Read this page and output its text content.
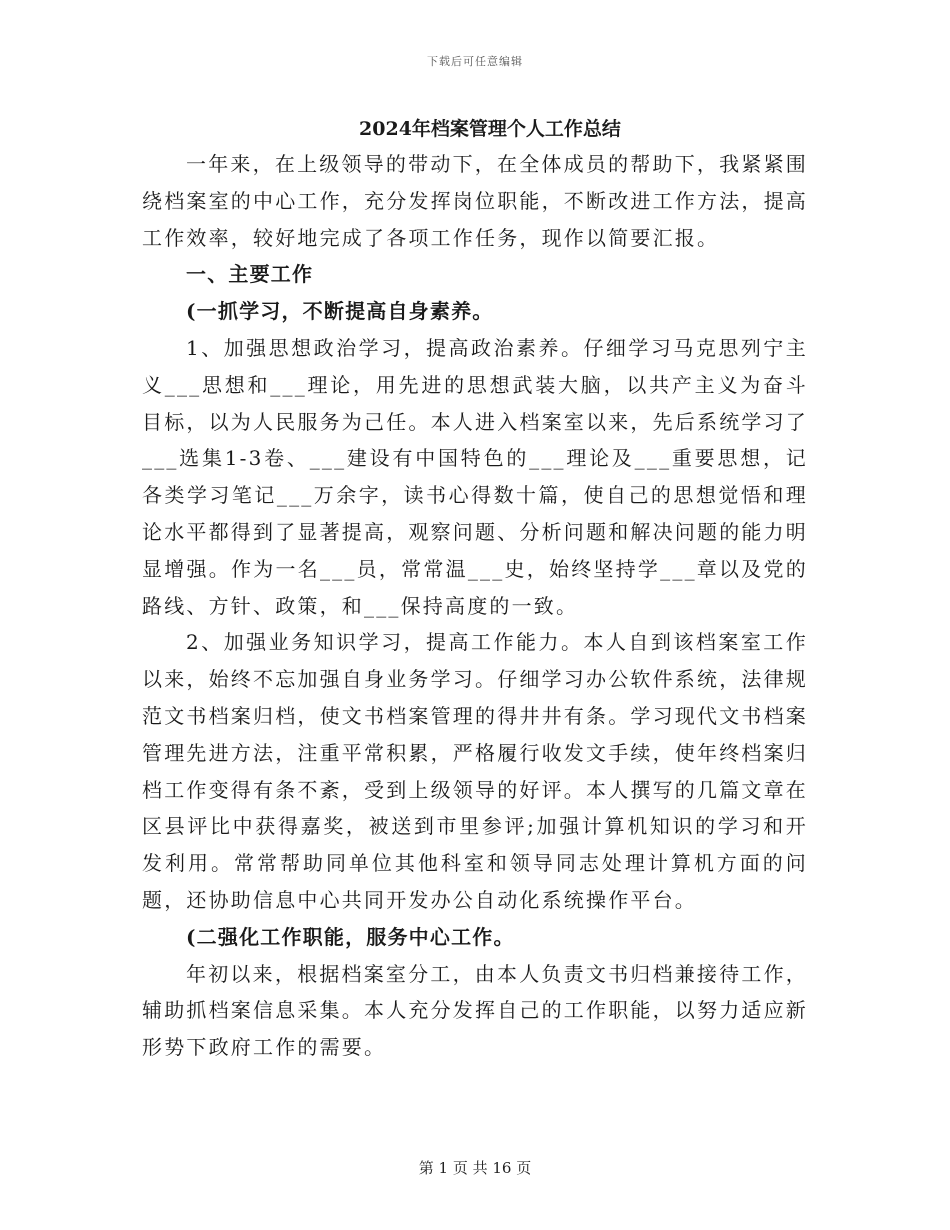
下载后可任意编辑
2024年档案管理个人工作总结

一年来，在上级领导的带动下，在全体成员的帮助下，我紧紧围绕档案室的中心工作，充分发挥岗位职能，不断改进工作方法，提高工作效率，较好地完成了各项工作任务，现作以简要汇报。

一、主要工作

(一抓学习，不断提高自身素养。

1、加强思想政治学习，提高政治素养。仔细学习马克思列宁主义___思想和___理论，用先进的思想武装大脑，以共产主义为奋斗目标，以为人民服务为己任。本人进入档案室以来，先后系统学习了___选集1-3卷、___建设有中国特色的___理论及___重要思想，记各类学习笔记___万余字，读书心得数十篇，使自己的思想觉悟和理论水平都得到了显著提高，观察问题、分析问题和解决问题的能力明显增强。作为一名___员，常常温___史，始终坚持学___章以及党的路线、方针、政策，和___保持高度的一致。

2、加强业务知识学习，提高工作能力。本人自到该档案室工作以来，始终不忘加强自身业务学习。仔细学习办公软件系统，法律规范文书档案归档，使文书档案管理的得井井有条。学习现代文书档案管理先进方法，注重平常积累，严格履行收发文手续，使年终档案归档工作变得有条不紊，受到上级领导的好评。本人撰写的几篇文章在区县评比中获得嘉奖，被送到市里参评;加强计算机知识的学习和开发利用。常常帮助同单位其他科室和领导同志处理计算机方面的问题，还协助信息中心共同开发办公自动化系统操作平台。

(二强化工作职能，服务中心工作。

年初以来，根据档案室分工，由本人负责文书归档兼接待工作，辅助抓档案信息采集。本人充分发挥自己的工作职能，以努力适应新形势下政府工作的需要。

第 1 页 共 16 页
